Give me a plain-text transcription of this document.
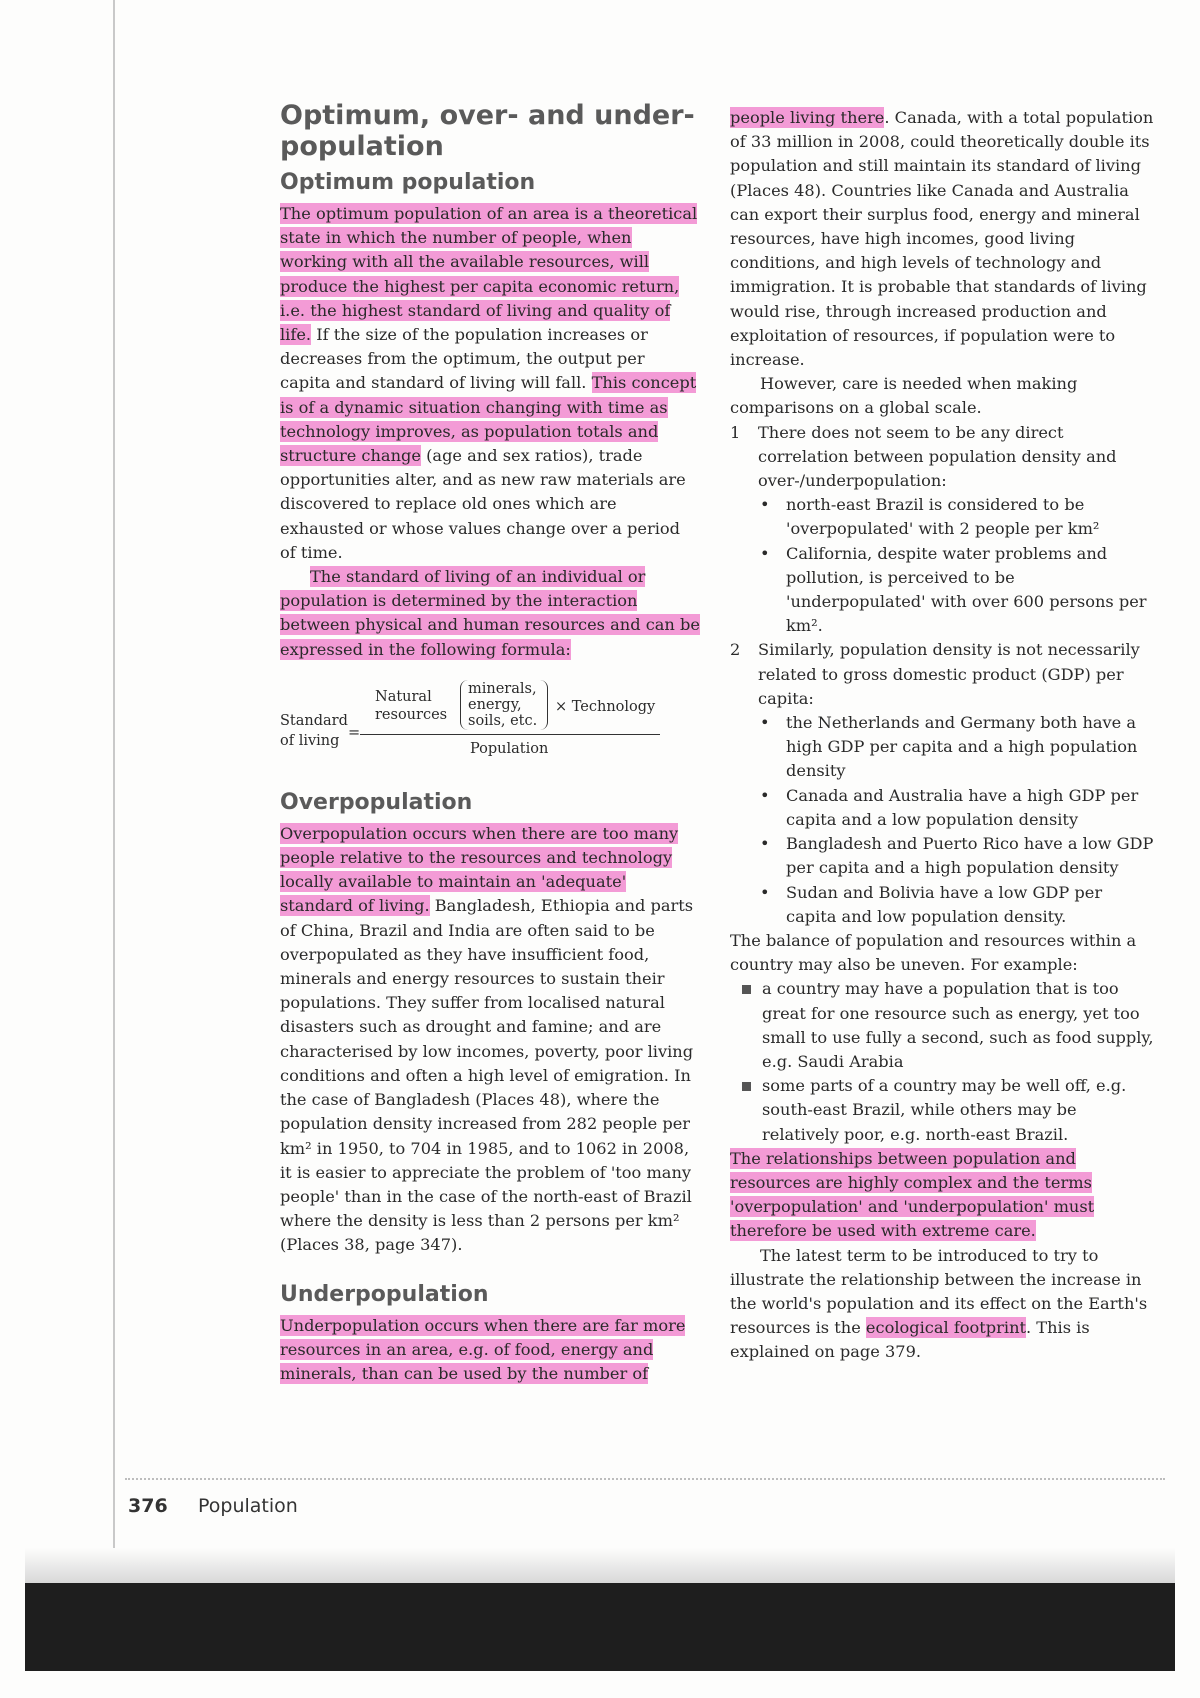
Optimum, over- and under- population
Optimum population

The optimum population of an area is a theoretical state in which the number of people, when working with all the available resources, will produce the highest per capita economic return, i.e. the highest standard of living and quality of life. If the size of the population increases or decreases from the optimum, the output per capita and standard of living will fall. This concept is of a dynamic situation changing with time as technology improves, as population totals and structure change (age and sex ratios), trade opportunities alter, and as new raw materials are discovered to replace old ones which are exhausted or whose values change over a period of time.

The standard of living of an individual or population is determined by the interaction between physical and human resources and can be expressed in the following formula:

Standard
of living =
Natural
resources
minerals,
energy,
soils, etc.
× Technology
Population
Overpopulation

Overpopulation occurs when there are too many people relative to the resources and technology locally available to maintain an 'adequate' standard of living. Bangladesh, Ethiopia and parts of China, Brazil and India are often said to be overpopulated as they have insufficient food, minerals and energy resources to sustain their populations. They suffer from localised natural disasters such as drought and famine; and are characterised by low incomes, poverty, poor living conditions and often a high level of emigration. In the case of Bangladesh (Places 48), where the population density increased from 282 people per km² in 1950, to 704 in 1985, and to 1062 in 2008, it is easier to appreciate the problem of 'too many people' than in the case of the north-east of Brazil where the density is less than 2 persons per km² (Places 38, page 347).

Underpopulation

Underpopulation occurs when there are far more resources in an area, e.g. of food, energy and minerals, than can be used by the number of

people living there. Canada, with a total population of 33 million in 2008, could theoretically double its population and still maintain its standard of living (Places 48). Countries like Canada and Australia can export their surplus food, energy and mineral resources, have high incomes, good living conditions, and high levels of technology and immigration. It is probable that standards of living would rise, through increased production and exploitation of resources, if population were to increase.

However, care is needed when making comparisons on a global scale.

1 There does not seem to be any direct correlation between population density and over-/underpopulation:
• north-east Brazil is considered to be 'overpopulated' with 2 people per km²
• California, despite water problems and pollution, is perceived to be 'underpopulated' with over 600 persons per km².
2 Similarly, population density is not necessarily related to gross domestic product (GDP) per capita:
• the Netherlands and Germany both have a high GDP per capita and a high population density
• Canada and Australia have a high GDP per capita and a low population density
• Bangladesh and Puerto Rico have a low GDP per capita and a high population density
• Sudan and Bolivia have a low GDP per capita and low population density.

The balance of population and resources within a country may also be uneven. For example:

a country may have a population that is too great for one resource such as energy, yet too small to use fully a second, such as food supply, e.g. Saudi Arabia
some parts of a country may be well off, e.g. south-east Brazil, while others may be relatively poor, e.g. north-east Brazil.

The relationships between population and resources are highly complex and the terms 'overpopulation' and 'underpopulation' must therefore be used with extreme care.

The latest term to be introduced to try to illustrate the relationship between the increase in the world's population and its effect on the Earth's resources is the ecological footprint. This is explained on page 379.

376 Population
